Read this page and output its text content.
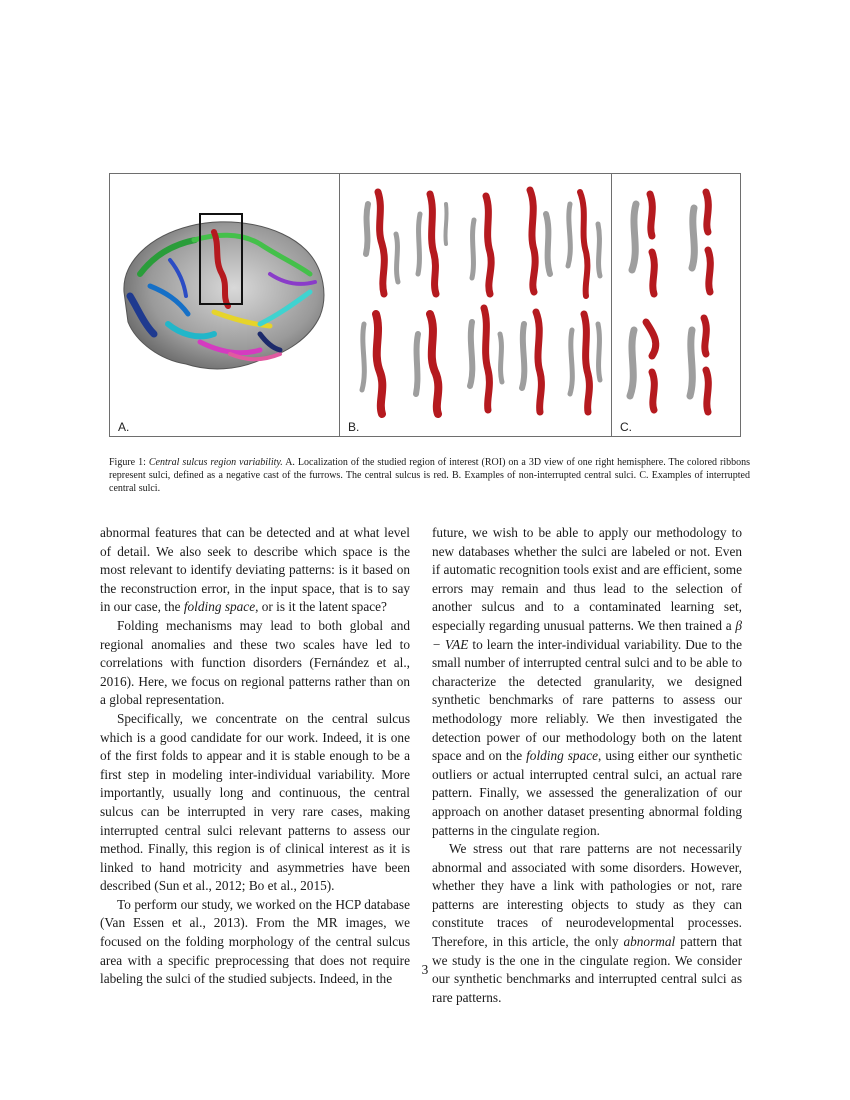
A.	B.	C.
Figure 1: Central sulcus region variability. A. Localization of the studied region of interest (ROI) on a 3D view of one right hemisphere. The colored ribbons represent sulci, defined as a negative cast of the furrows. The central sulcus is red. B. Examples of non-interrupted central sulci. C. Examples of interrupted central sulci.

abnormal features that can be detected and at what level of detail. We also seek to describe which space is the most relevant to identify deviating patterns: is it based on the reconstruction error, in the input space, that is to say in our case, the folding space, or is it the latent space?

Folding mechanisms may lead to both global and regional anomalies and these two scales have led to correlations with function disorders (Fernández et al., 2016). Here, we focus on regional patterns rather than on a global representation.

Specifically, we concentrate on the central sulcus which is a good candidate for our work. Indeed, it is one of the first folds to appear and it is stable enough to be a first step in modeling inter-individual variability. More importantly, usually long and continuous, the central sulcus can be interrupted in very rare cases, making interrupted central sulci relevant patterns to assess our method. Finally, this region is of clinical interest as it is linked to hand motricity and asymmetries have been described (Sun et al., 2012; Bo et al., 2015).

To perform our study, we worked on the HCP database (Van Essen et al., 2013). From the MR images, we focused on the folding morphology of the central sulcus area with a specific preprocessing that does not require labeling the sulci of the studied subjects. Indeed, in the

future, we wish to be able to apply our methodology to new databases whether the sulci are labeled or not. Even if automatic recognition tools exist and are efficient, some errors may remain and thus lead to the selection of another sulcus and to a contaminated learning set, especially regarding unusual patterns. We then trained a β − VAE to learn the inter-individual variability. Due to the small number of interrupted central sulci and to be able to characterize the detected granularity, we designed synthetic benchmarks of rare patterns to assess our methodology more reliably. We then investigated the detection power of our methodology both on the latent space and on the folding space, using either our synthetic outliers or actual interrupted central sulci, an actual rare pattern. Finally, we assessed the generalization of our approach on another dataset presenting abnormal folding patterns in the cingulate region.

We stress out that rare patterns are not necessarily abnormal and associated with some disorders. However, whether they have a link with pathologies or not, rare patterns are interesting objects to study as they can constitute traces of neurodevelopmental processes. Therefore, in this article, the only abnormal pattern that we study is the one in the cingulate region. We consider our synthetic benchmarks and interrupted central sulci as rare patterns.

3
